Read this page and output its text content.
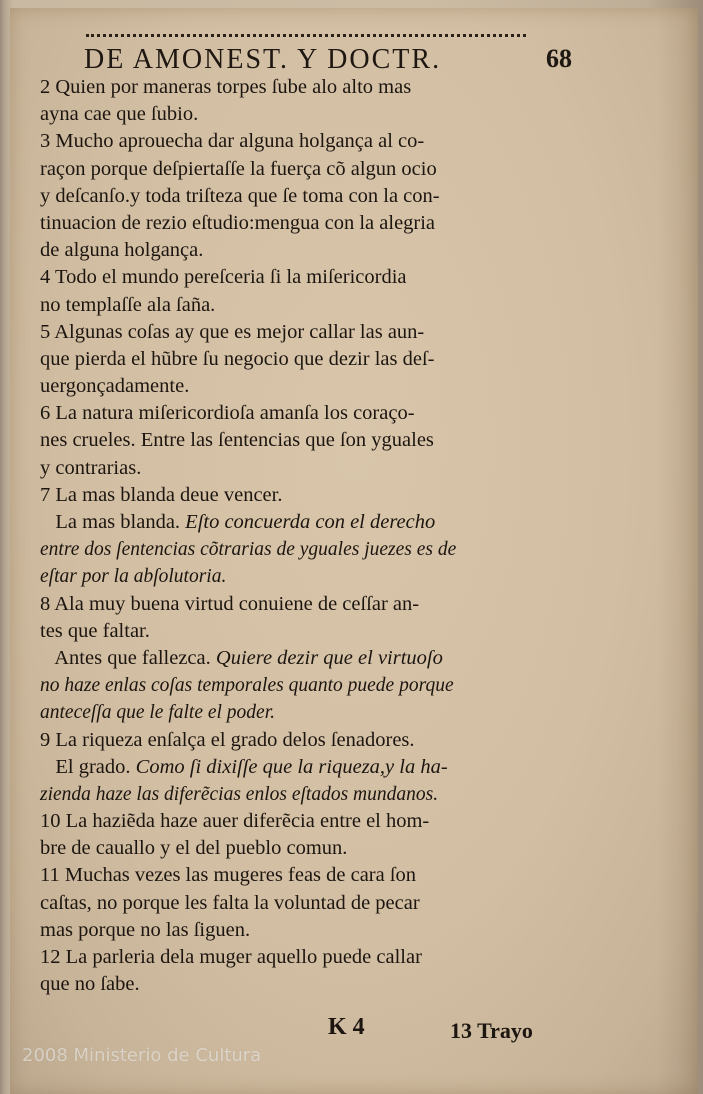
DE AMONEST. Y DOCTR.	68
2 Quien por maneras torpes ſube alo alto mas
ayna cae que ſubio.
3 Mucho aprouecha dar alguna holgança al co-
raçon porque deſpiertaſſe la fuerça cõ algun ocio
y deſcanſo.y toda triſteza que ſe toma con la con-
tinuacion de rezio eſtudio:mengua con la alegria
de alguna holgança.
4 Todo el mundo pereſceria ſi la miſericordia
no templaſſe ala ſaña.
5 Algunas coſas ay que es mejor callar las aun-
que pierda el hũbre ſu negocio que dezir las deſ-
uergonçadamente.
6 La natura miſericordioſa amanſa los coraço-
nes crueles. Entre las ſentencias que ſon yguales
y contrarias.
7 La mas blanda deue vencer.
La mas blanda. Eſto concuerda con el derecho
entre dos ſentencias cõtrarias de yguales juezes es de
eſtar por la abſolutoria.
8 Ala muy buena virtud conuiene de ceſſar an-
tes que faltar.
Antes que fallezca. Quiere dezir que el virtuoſo
no haze enlas coſas temporales quanto puede porque
anteceſſa que le falte el poder.
9 La riqueza enſalça el grado delos ſenadores.
El grado. Como ſi dixiſſe que la riqueza,y la ha-
zienda haze las diferẽcias enlos eſtados mundanos.
10 La haziẽda haze auer diferẽcia entre el hom-
bre de cauallo y el del pueblo comun.
11 Muchas vezes las mugeres feas de cara ſon
caſtas, no porque les falta la voluntad de pecar
mas porque no las ſiguen.
12 La parleria dela muger aquello puede callar
que no ſabe.
K 4	13 Trayo
2008 Ministerio de Cultura
